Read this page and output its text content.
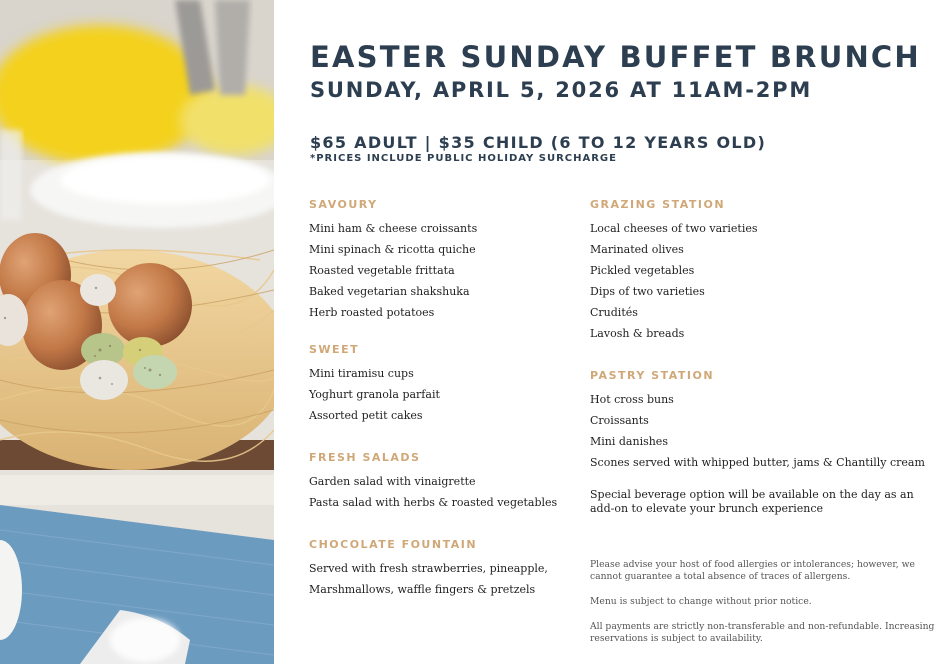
EASTER SUNDAY BUFFET BRUNCH
SUNDAY, APRIL 5, 2026 AT 11AM-2PM

$65 ADULT | $35 CHILD (6 TO 12 YEARS OLD)

*PRICES INCLUDE PUBLIC HOLIDAY SURCHARGE

SAVOURY
Mini ham & cheese croissants
Mini spinach & ricotta quiche
Roasted vegetable frittata
Baked vegetarian shakshuka
Herb roasted potatoes
SWEET
Mini tiramisu cups
Yoghurt granola parfait
Assorted petit cakes
FRESH SALADS
Garden salad with vinaigrette
Pasta salad with herbs & roasted vegetables
CHOCOLATE FOUNTAIN
Served with fresh strawberries, pineapple,
Marshmallows, waffle fingers & pretzels
GRAZING STATION
Local cheeses of two varieties
Marinated olives
Pickled vegetables
Dips of two varieties
Crudités
Lavosh & breads
PASTRY STATION
Hot cross buns
Croissants
Mini danishes
Scones served with whipped butter, jams & Chantilly cream
Special beverage option will be available on the day as an add-on to elevate your brunch experience

Please advise your host of food allergies or intolerances; however, we cannot guarantee a total absence of traces of allergens.

Menu is subject to change without prior notice.

All payments are strictly non-transferable and non-refundable. Increasing reservations is subject to availability.
